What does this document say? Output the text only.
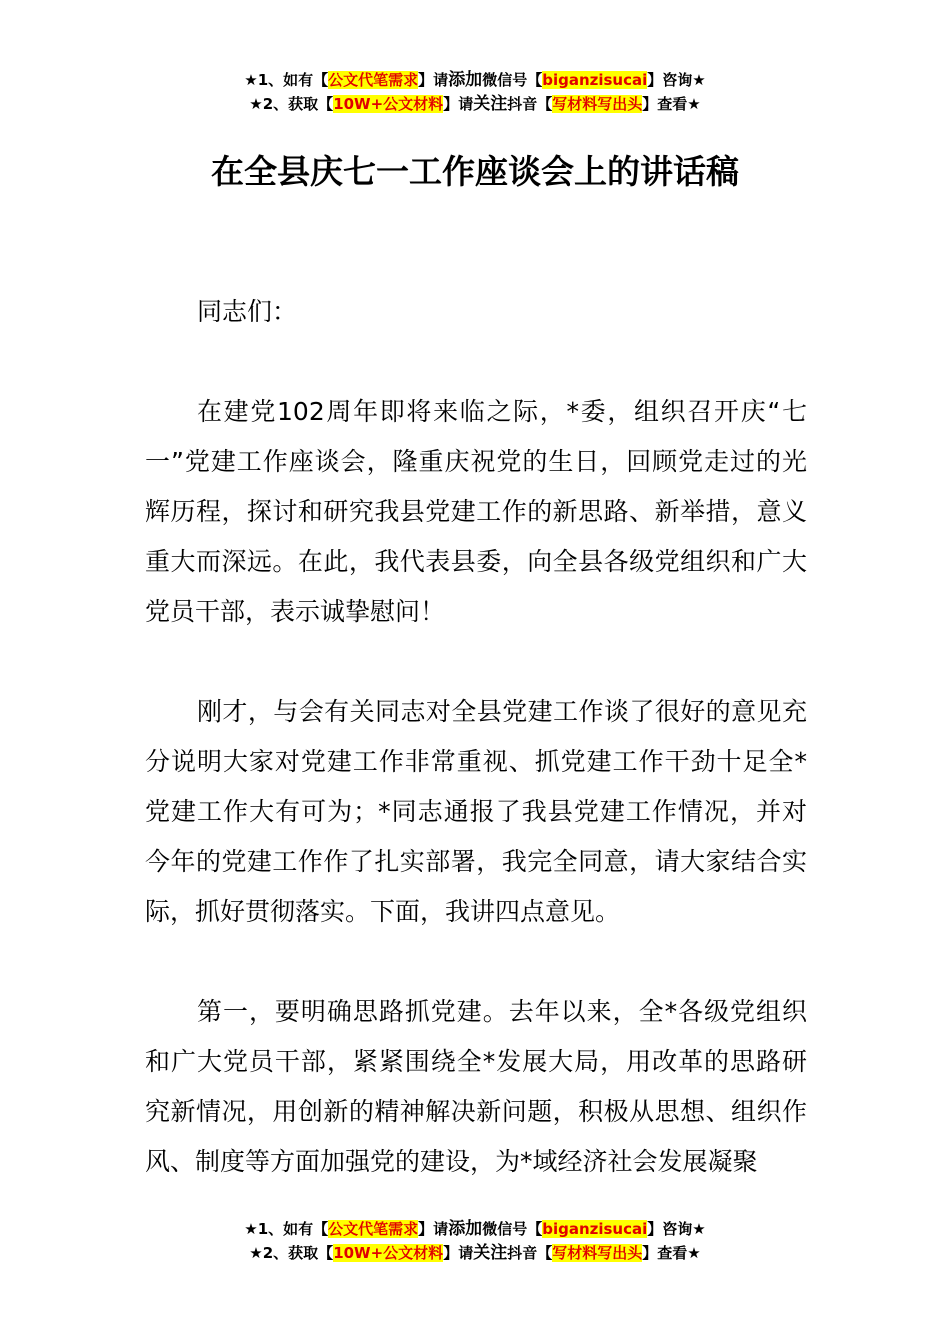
★1、如有【公文代笔需求】请添加微信号【biganzisucai】咨询★
★2、获取【10W+公文材料】请关注抖音【写材料写出头】查看★
在全县庆七一工作座谈会上的讲话稿

同志们：

在建党102周年即将来临之际，*委，组织召开庆“七一”党建工作座谈会，隆重庆祝党的生日，回顾党走过的光辉历程，探讨和研究我县党建工作的新思路、新举措，意义重大而深远。在此，我代表县委，向全县各级党组织和广大党员干部，表示诚挚慰问！

刚才，与会有关同志对全县党建工作谈了很好的意见充分说明大家对党建工作非常重视、抓党建工作干劲十足全*党建工作大有可为；*同志通报了我县党建工作情况，并对今年的党建工作作了扎实部署，我完全同意，请大家结合实际，抓好贯彻落实。下面，我讲四点意见。

第一，要明确思路抓党建。去年以来，全*各级党组织和广大党员干部，紧紧围绕全*发展大局，用改革的思路研究新情况，用创新的精神解决新问题，积极从思想、组织作风、制度等方面加强党的建设，为*域经济社会发展凝聚

★1、如有【公文代笔需求】请添加微信号【biganzisucai】咨询★
★2、获取【10W+公文材料】请关注抖音【写材料写出头】查看★
